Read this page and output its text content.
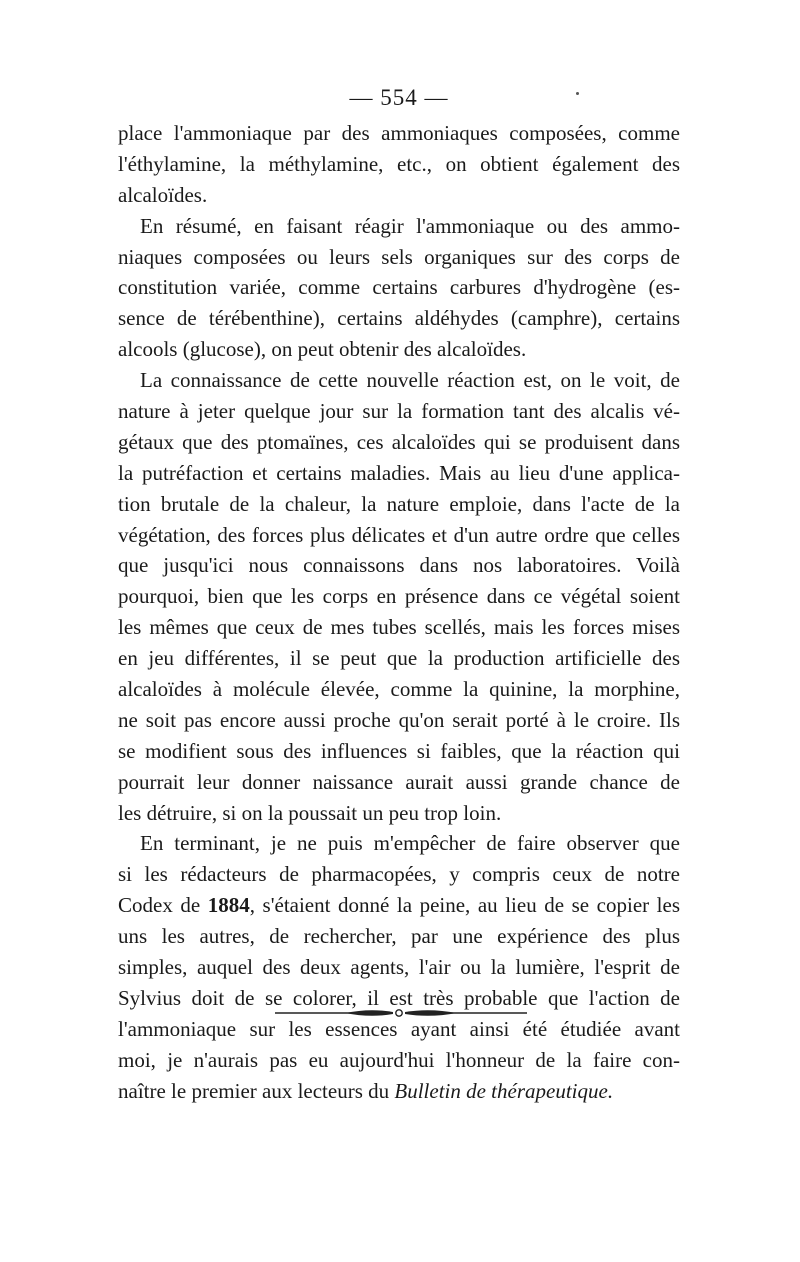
— 554 —
place l'ammoniaque par des ammoniaques composées, comme
l'éthylamine, la méthylamine, etc., on obtient également des
alcaloïdes.
En résumé, en faisant réagir l'ammoniaque ou des ammo-
niaques composées ou leurs sels organiques sur des corps de
constitution variée, comme certains carbures d'hydrogène (es-
sence de térébenthine), certains aldéhydes (camphre), certains
alcools (glucose), on peut obtenir des alcaloïdes.
La connaissance de cette nouvelle réaction est, on le voit, de
nature à jeter quelque jour sur la formation tant des alcalis vé-
gétaux que des ptomaïnes, ces alcaloïdes qui se produisent dans
la putréfaction et certains maladies. Mais au lieu d'une applica-
tion brutale de la chaleur, la nature emploie, dans l'acte de la
végétation, des forces plus délicates et d'un autre ordre que celles
que jusqu'ici nous connaissons dans nos laboratoires. Voilà
pourquoi, bien que les corps en présence dans ce végétal soient
les mêmes que ceux de mes tubes scellés, mais les forces mises
en jeu différentes, il se peut que la production artificielle des
alcaloïdes à molécule élevée, comme la quinine, la morphine,
ne soit pas encore aussi proche qu'on serait porté à le croire. Ils
se modifient sous des influences si faibles, que la réaction qui
pourrait leur donner naissance aurait aussi grande chance de
les détruire, si on la poussait un peu trop loin.
En terminant, je ne puis m'empêcher de faire observer que
si les rédacteurs de pharmacopées, y compris ceux de notre
Codex de 1884, s'étaient donné la peine, au lieu de se copier les
uns les autres, de rechercher, par une expérience des plus
simples, auquel des deux agents, l'air ou la lumière, l'esprit de
Sylvius doit de se colorer, il est très probable que l'action de
l'ammoniaque sur les essences ayant ainsi été étudiée avant
moi, je n'aurais pas eu aujourd'hui l'honneur de la faire con-
naître le premier aux lecteurs du Bulletin de thérapeutique.
